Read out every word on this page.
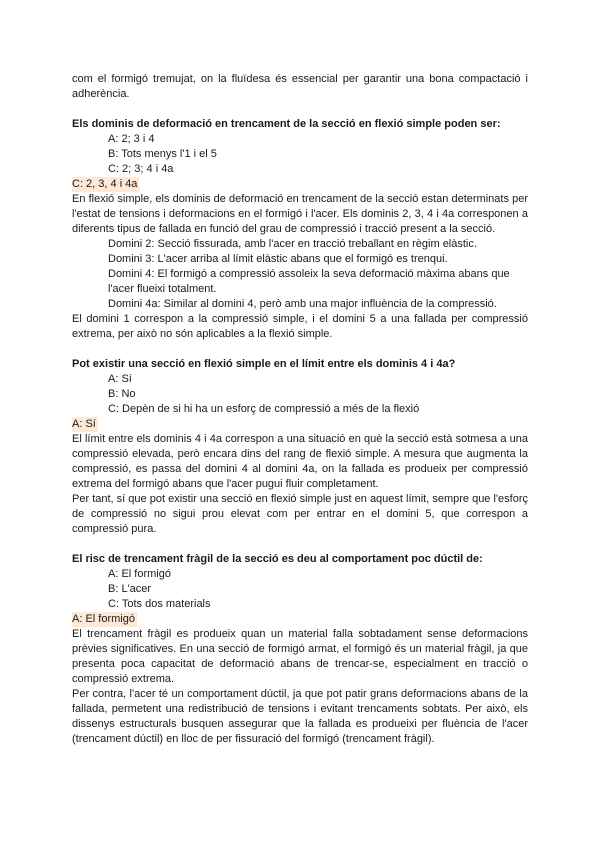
com el formigó tremujat, on la fluïdesa és essencial per garantir una bona compactació i adherència.

Els dominis de deformació en trencament de la secció en flexió simple poden ser:

A: 2; 3 i 4

B: Tots menys l'1 i el 5

C: 2; 3; 4 i 4a

C: 2, 3, 4 i 4a

En flexió simple, els dominis de deformació en trencament de la secció estan determinats per l'estat de tensions i deformacions en el formigó i l'acer. Els dominis 2, 3, 4 i 4a corresponen a diferents tipus de fallada en funció del grau de compressió i tracció present a la secció.

Domini 2: Secció fissurada, amb l'acer en tracció treballant en règim elàstic.

Domini 3: L'acer arriba al límit elàstic abans que el formigó es trenqui.

Domini 4: El formigó a compressió assoleix la seva deformació màxima abans que l'acer flueixi totalment.

Domini 4a: Similar al domini 4, però amb una major influència de la compressió.

El domini 1 correspon a la compressió simple, i el domini 5 a una fallada per compressió extrema, per això no són aplicables a la flexió simple.

Pot existir una secció en flexió simple en el límit entre els dominis 4 i 4a?

A: Sí

B: No

C: Depèn de si hi ha un esforç de compressió a més de la flexió

A: Sí

El límit entre els dominis 4 i 4a correspon a una situació en què la secció està sotmesa a una compressió elevada, però encara dins del rang de flexió simple. A mesura que augmenta la compressió, es passa del domini 4 al domini 4a, on la fallada es produeix per compressió extrema del formigó abans que l'acer pugui fluir completament.

Per tant, sí que pot existir una secció en flexió simple just en aquest límit, sempre que l'esforç de compressió no sigui prou elevat com per entrar en el domini 5, que correspon a compressió pura.

El risc de trencament fràgil de la secció es deu al comportament poc dúctil de:

A: El formigó

B: L'acer

C: Tots dos materials

A: El formigó

El trencament fràgil es produeix quan un material falla sobtadament sense deformacions prèvies significatives. En una secció de formigó armat, el formigó és un material fràgil, ja que presenta poca capacitat de deformació abans de trencar-se, especialment en tracció o compressió extrema.

Per contra, l'acer té un comportament dúctil, ja que pot patir grans deformacions abans de la fallada, permetent una redistribució de tensions i evitant trencaments sobtats. Per això, els dissenys estructurals busquen assegurar que la fallada es produeixi per fluència de l'acer (trencament dúctil) en lloc de per fissuració del formigó (trencament fràgil).
